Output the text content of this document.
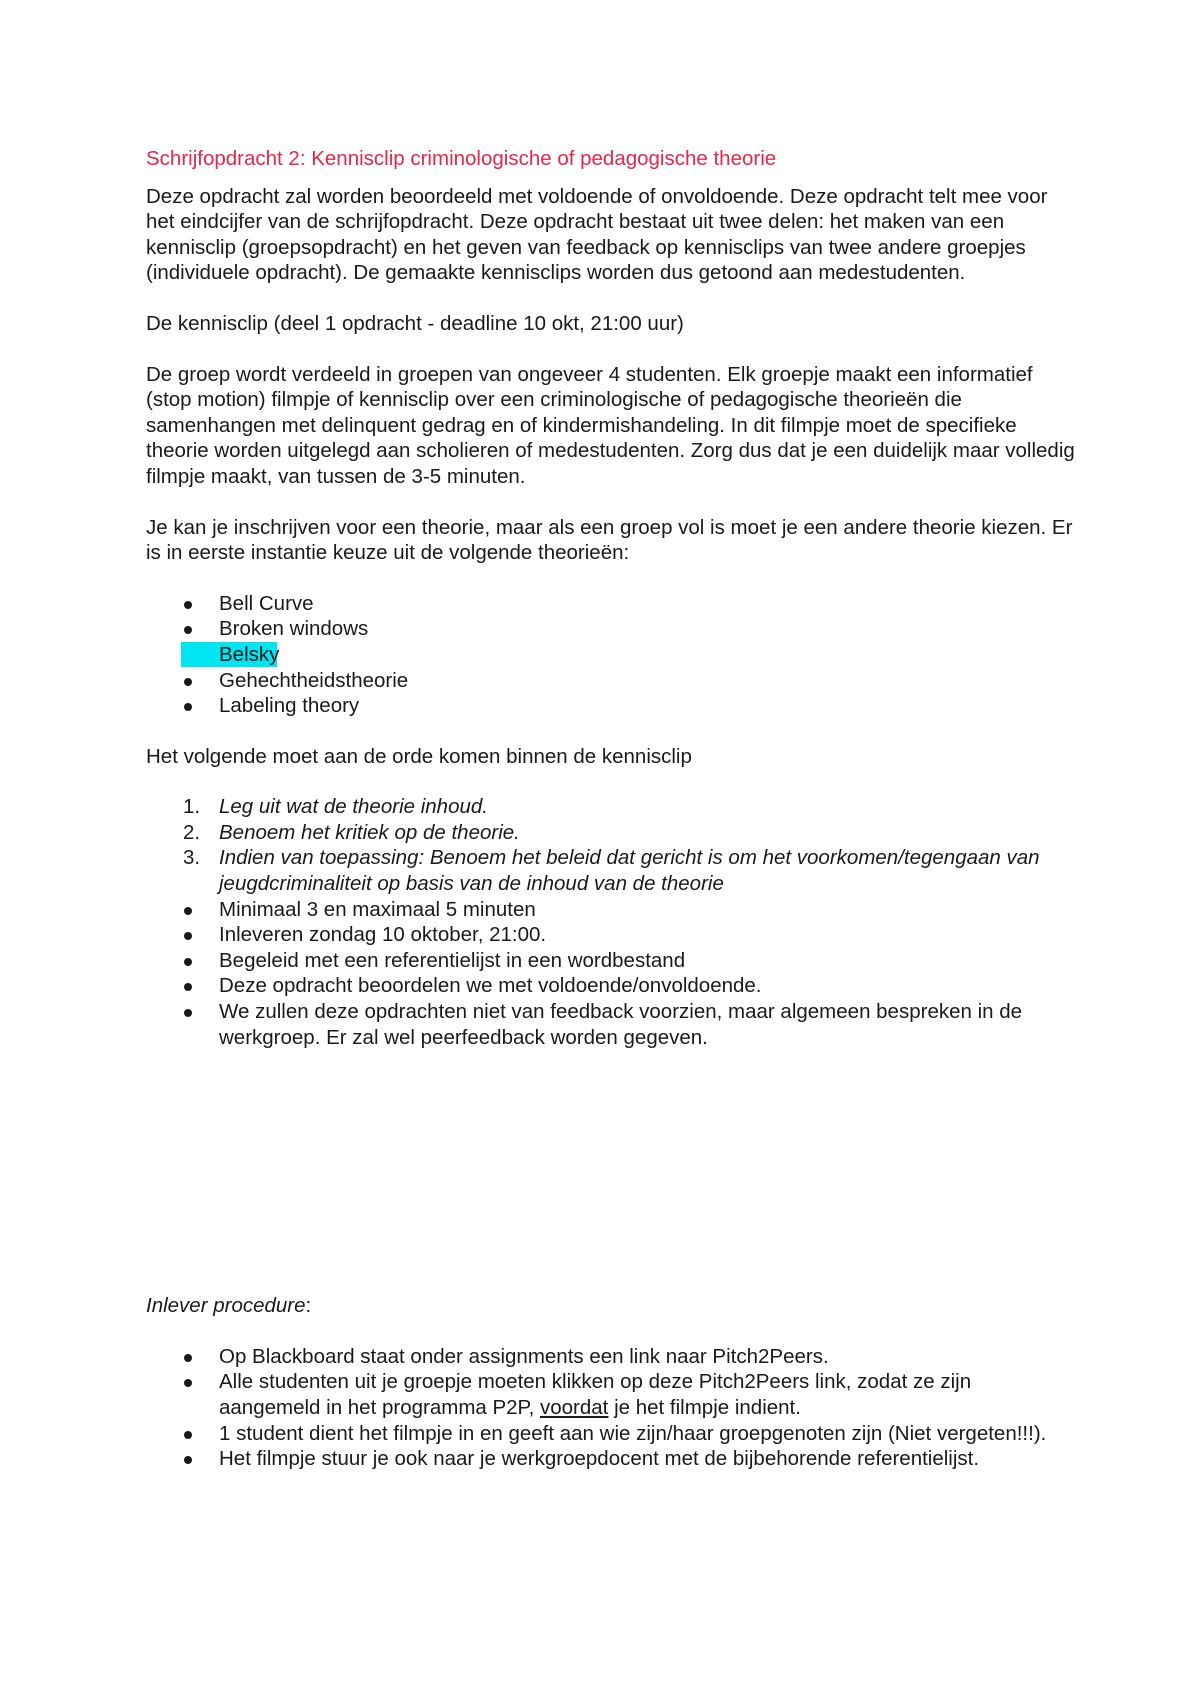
Schrijfopdracht 2: Kennisclip criminologische of pedagogische theorie

Deze opdracht zal worden beoordeeld met voldoende of onvoldoende. Deze opdracht telt mee voor het eindcijfer van de schrijfopdracht. Deze opdracht bestaat uit twee delen: het maken van een kennisclip (groepsopdracht) en het geven van feedback op kennisclips van twee andere groepjes (individuele opdracht). De gemaakte kennisclips worden dus getoond aan medestudenten.

De kennisclip (deel 1 opdracht - deadline 10 okt, 21:00 uur)

De groep wordt verdeeld in groepen van ongeveer 4 studenten. Elk groepje maakt een informatief (stop motion) filmpje of kennisclip over een criminologische of pedagogische theorieën die samenhangen met delinquent gedrag en of kindermishandeling. In dit filmpje moet de specifieke theorie worden uitgelegd aan scholieren of medestudenten. Zorg dus dat je een duidelijk maar volledig filmpje maakt, van tussen de 3-5 minuten.

Je kan je inschrijven voor een theorie, maar als een groep vol is moet je een andere theorie kiezen. Er is in eerste instantie keuze uit de volgende theorieën:

Bell Curve
Broken windows
Belsky
Gehechtheidstheorie
Labeling theory

Het volgende moet aan de orde komen binnen de kennisclip

1. Leg uit wat de theorie inhoud.
2. Benoem het kritiek op de theorie.
3. Indien van toepassing: Benoem het beleid dat gericht is om het voorkomen/tegengaan van jeugdcriminaliteit op basis van de inhoud van de theorie
Minimaal 3 en maximaal 5 minuten
Inleveren zondag 10 oktober, 21:00.
Begeleid met een referentielijst in een wordbestand
Deze opdracht beoordelen we met voldoende/onvoldoende.
We zullen deze opdrachten niet van feedback voorzien, maar algemeen bespreken in de werkgroep. Er zal wel peerfeedback worden gegeven.

Inlever procedure:

Op Blackboard staat onder assignments een link naar Pitch2Peers.
Alle studenten uit je groepje moeten klikken op deze Pitch2Peers link, zodat ze zijn aangemeld in het programma P2P, voordat je het filmpje indient.
1 student dient het filmpje in en geeft aan wie zijn/haar groepgenoten zijn (Niet vergeten!!!).
Het filmpje stuur je ook naar je werkgroepdocent met de bijbehorende referentielijst.
